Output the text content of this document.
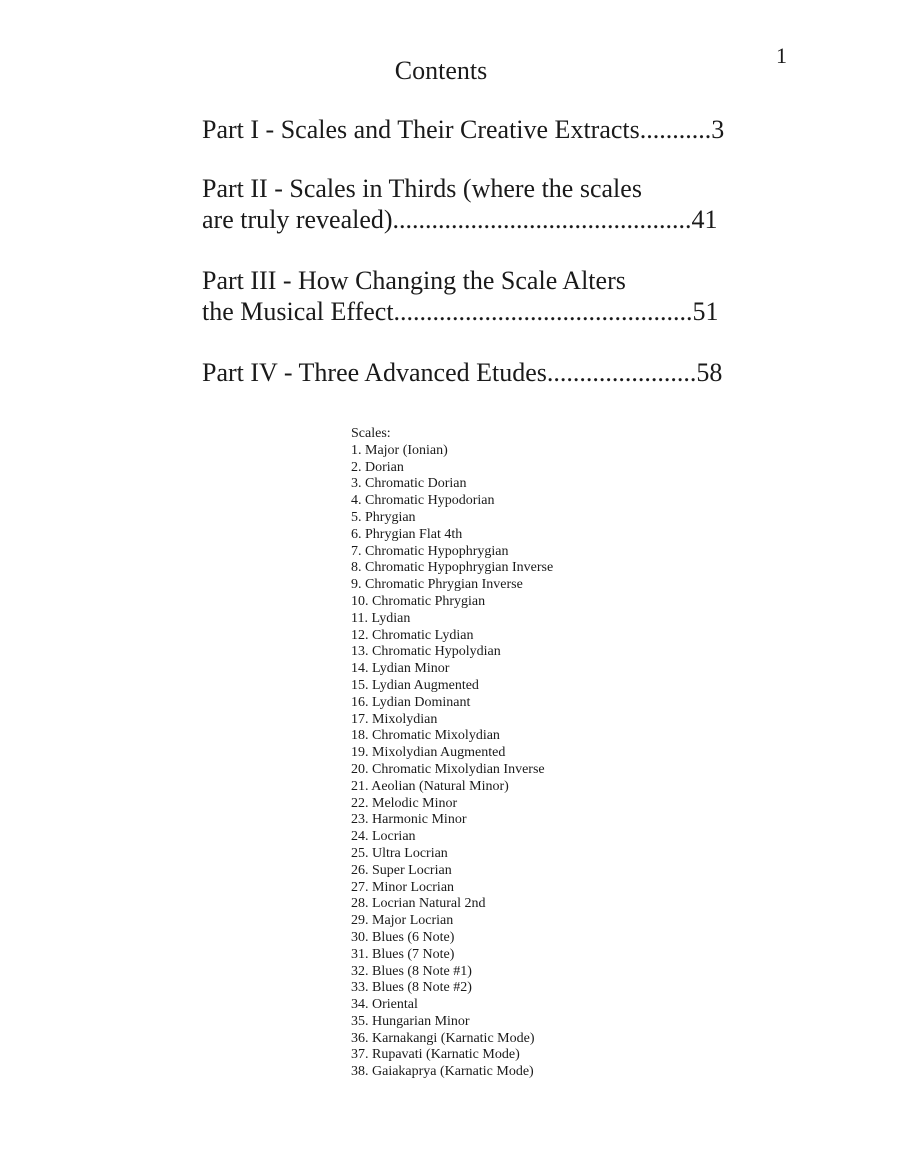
1
Contents
Part I - Scales and Their Creative Extracts...........3
Part II - Scales in Thirds (where the scales
are truly revealed)..............................................41
Part III - How Changing the Scale Alters
the Musical Effect..............................................51
Part IV - Three Advanced Etudes.......................58
Scales:
1. Major (Ionian)
2. Dorian
3. Chromatic Dorian
4. Chromatic Hypodorian
5. Phrygian
6. Phrygian Flat 4th
7. Chromatic Hypophrygian
8. Chromatic Hypophrygian Inverse
9. Chromatic Phrygian Inverse
10. Chromatic Phrygian
11. Lydian
12. Chromatic Lydian
13. Chromatic Hypolydian
14. Lydian Minor
15. Lydian Augmented
16. Lydian Dominant
17. Mixolydian
18. Chromatic Mixolydian
19. Mixolydian Augmented
20. Chromatic Mixolydian Inverse
21. Aeolian (Natural Minor)
22. Melodic Minor
23. Harmonic Minor
24. Locrian
25. Ultra Locrian
26. Super Locrian
27. Minor Locrian
28. Locrian Natural 2nd
29. Major Locrian
30. Blues (6 Note)
31. Blues (7 Note)
32. Blues (8 Note #1)
33. Blues (8 Note #2)
34. Oriental
35. Hungarian Minor
36. Karnakangi (Karnatic Mode)
37. Rupavati (Karnatic Mode)
38. Gaiakaprya (Karnatic Mode)
